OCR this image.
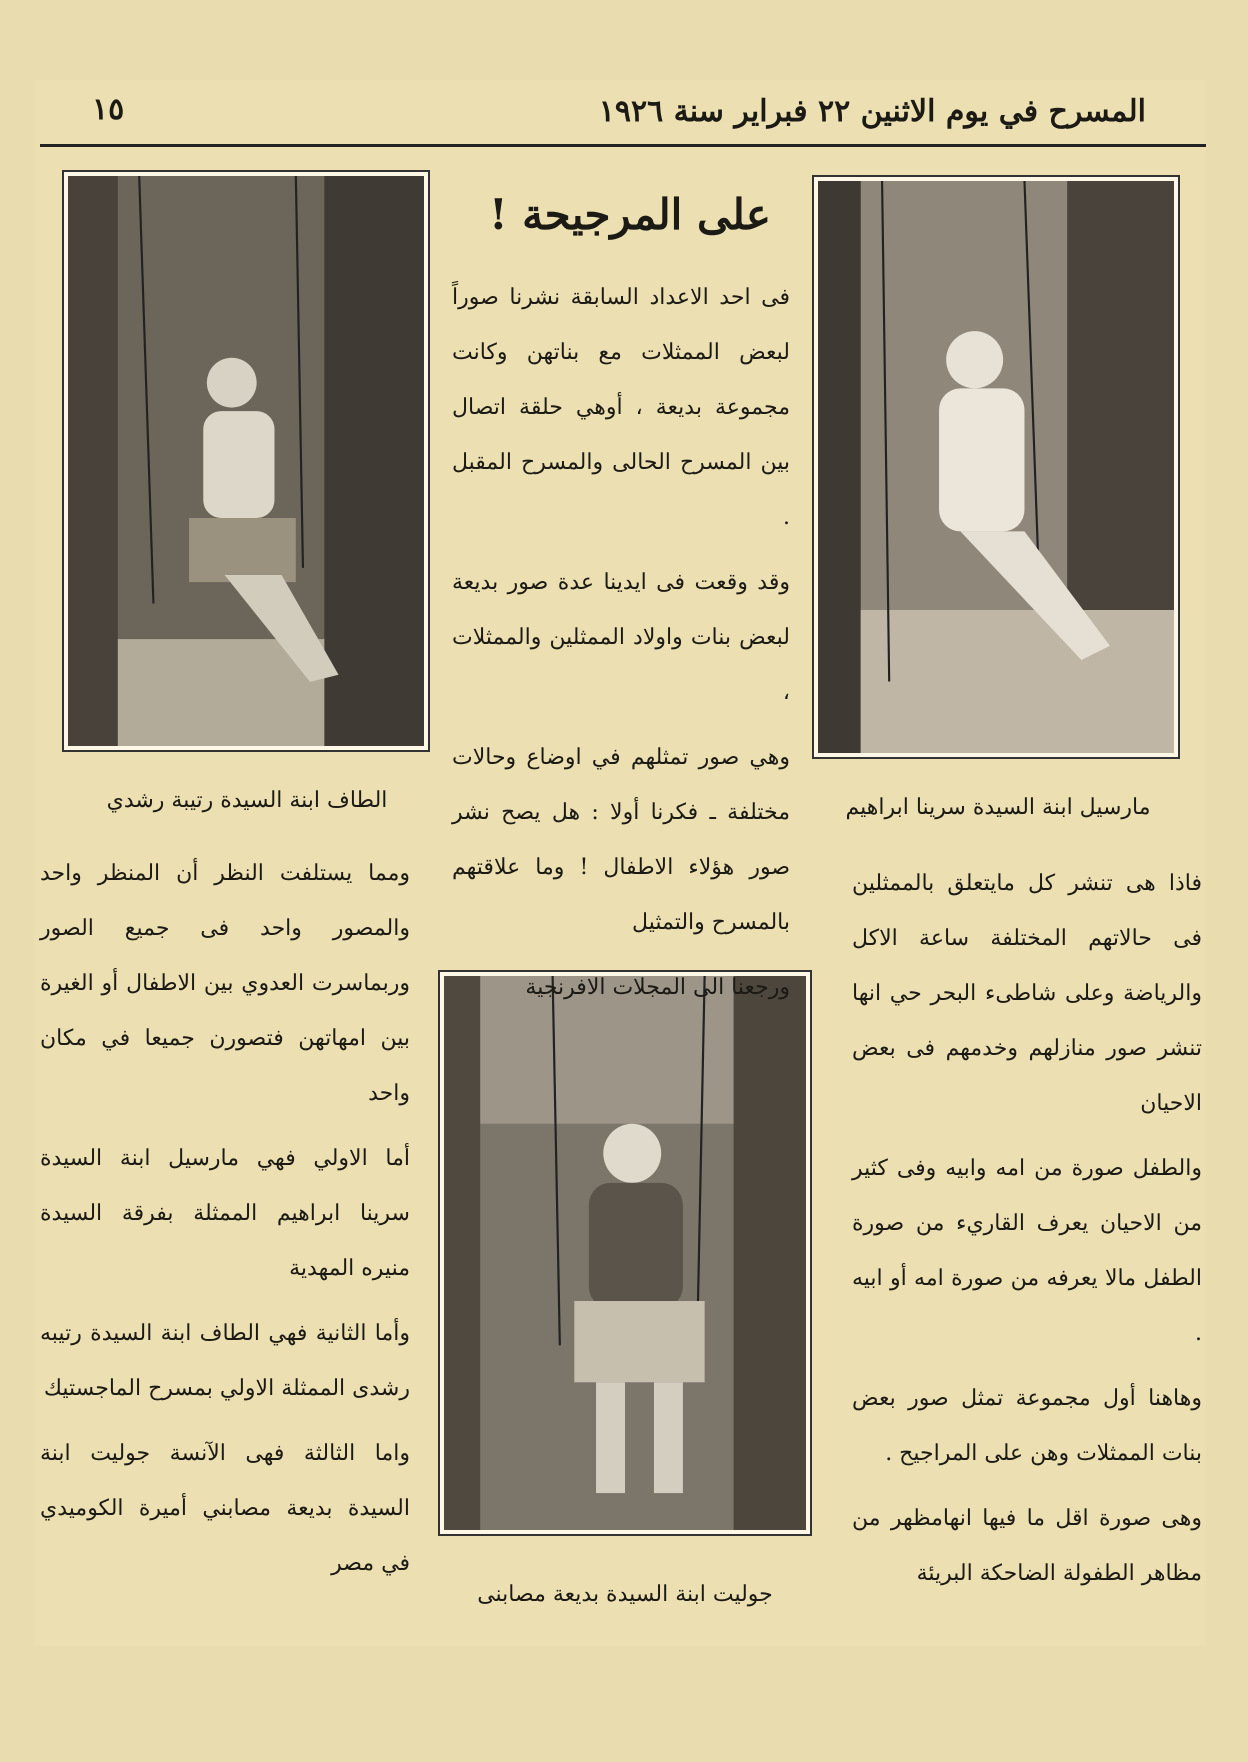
المسرح في يوم الاثنين ٢٢ فبراير سنة ١٩٢٦
١٥
مارسيل ابنة السيدة سرينا ابراهيم
الطاف ابنة السيدة رتيبة رشدي
جوليت ابنة السيدة بديعة مصابنى
على المرجيحة !

فى احد الاعداد السابقة نشرنا صوراً لبعض الممثلات مع بناتهن وكانت مجموعة بديعة ، أوهي حلقة اتصال بين المسرح الحالى والمسرح المقبل .

وقد وقعت فى ايدينا عدة صور بديعة لبعض بنات واولاد الممثلين والممثلات ،

وهي صور تمثلهم في اوضاع وحالات مختلفة ـ فكرنا أولا : هل يصح نشر صور هؤلاء الاطفال ! وما علاقتهم بالمسرح والتمثيل

ورجعنا الى المجلات الافرنجية

فاذا هى تنشر كل مايتعلق بالممثلين فى حالاتهم المختلفة ساعة الاكل والرياضة وعلى شاطىء البحر حي انها تنشر صور منازلهم وخدمهم فى بعض الاحيان

والطفل صورة من امه وابيه وفى كثير من الاحيان يعرف القاريء من صورة الطفل مالا يعرفه من صورة امه أو ابيه .

وهاهنا أول مجموعة تمثل صور بعض بنات الممثلات وهن على المراجيح .

وهى صورة اقل ما فيها انهامظهر من مظاهر الطفولة الضاحكة البريئة

ومما يستلفت النظر أن المنظر واحد والمصور واحد فى جميع الصور وربماسرت العدوي بين الاطفال أو الغيرة بين امهاتهن فتصورن جميعا في مكان واحد

أما الاولي فهي مارسيل ابنة السيدة سرينا ابراهيم الممثلة بفرقة السيدة منيره المهدية

وأما الثانية فهي الطاف ابنة السيدة رتيبه رشدى الممثلة الاولي بمسرح الماجستيك

واما الثالثة فهى الآنسة جوليت ابنة السيدة بديعة مصابني أميرة الكوميدي في مصر
